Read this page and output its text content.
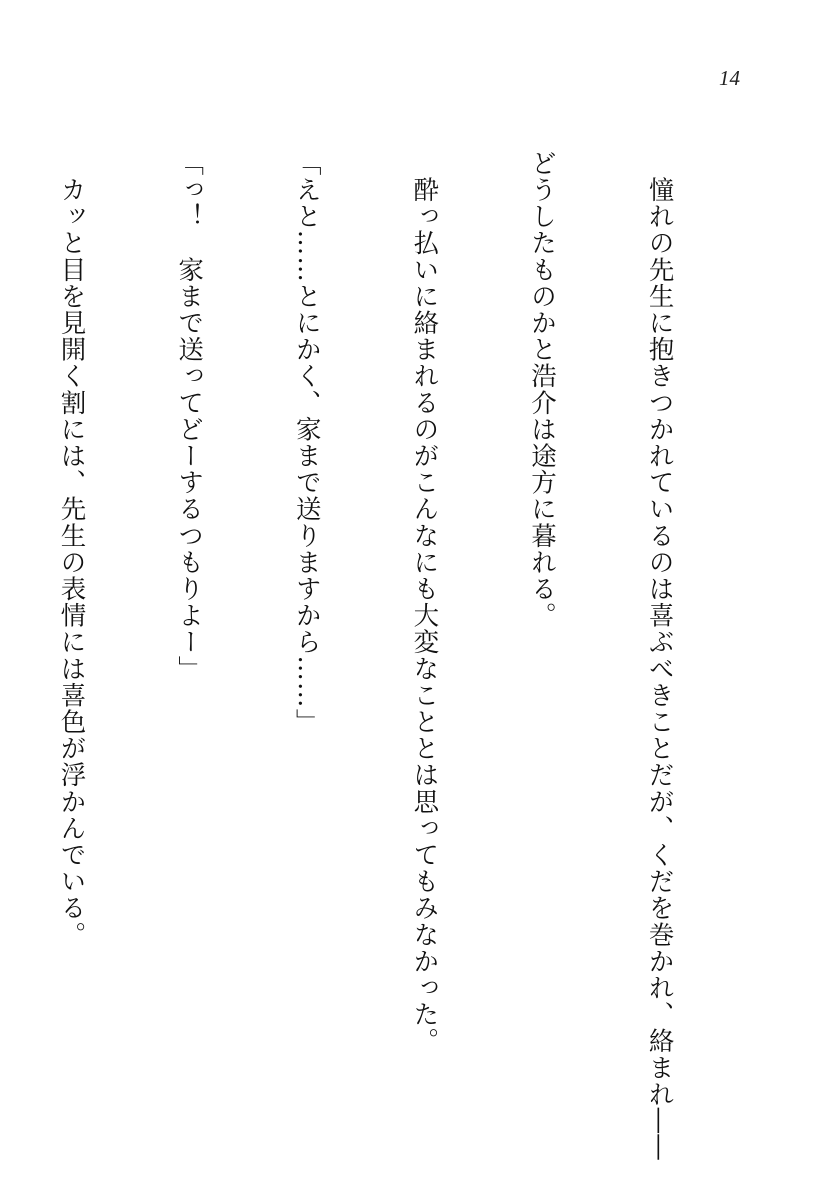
14

　憧れの先生に抱きつかれているのは喜ぶべきことだが、くだを巻かれ、絡まれ――

どうしたものかと浩介は途方に暮れる。

　酔っ払いに絡まれるのがこんなにも大変なこととは思ってもみなかった。

「えと……とにかく、家まで送りますから……」

「っ！　家まで送ってどーするつもりよー」

　カッと目を見開く割には、先生の表情には喜色が浮かんでいる。
